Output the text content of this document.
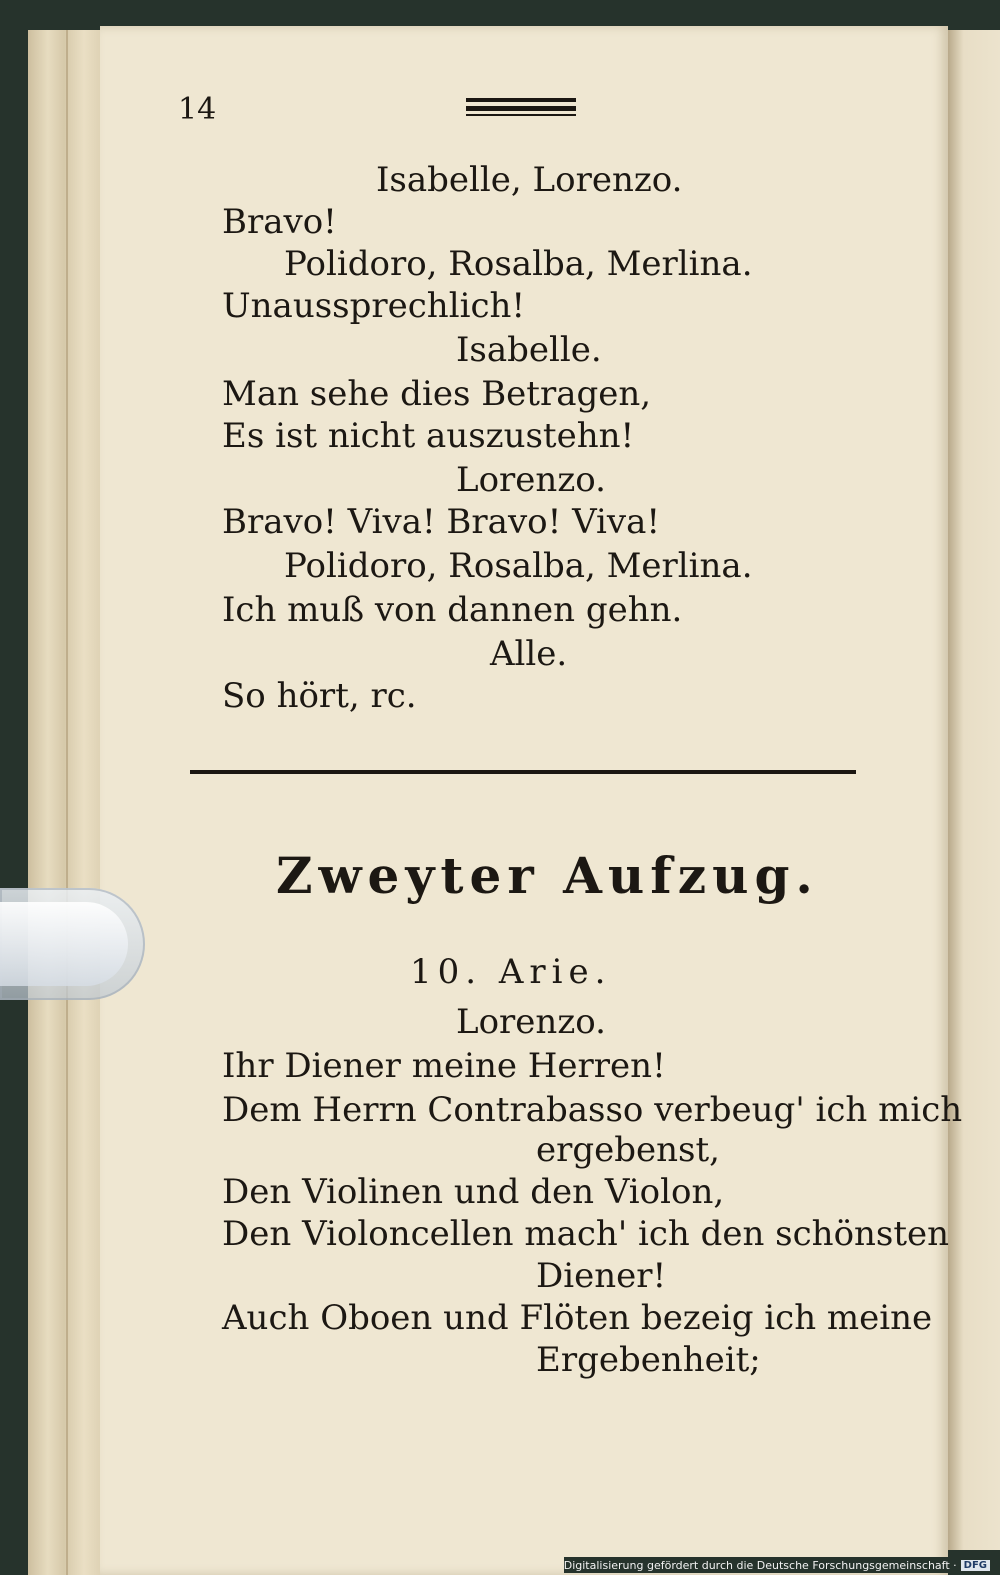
14
Isabelle, Lorenzo.
Bravo!
Polidoro, Rosalba, Merlina.
Unaussprechlich!
Isabelle.
Man sehe dies Betragen,
Es ist nicht auszustehn!
Lorenzo.
Bravo! Viva! Bravo! Viva!
Polidoro, Rosalba, Merlina.
Ich muß von dannen gehn.
Alle.
So hört, rc.
Zweyter Aufzug.
10. Arie.
Lorenzo.
Ihr Diener meine Herren!
Dem Herrn Contrabasso verbeug' ich mich
ergebenst,
Den Violinen und den Violon,
Den Violoncellen mach' ich den schönsten
Diener!
Auch Oboen und Flöten bezeig ich meine
Ergebenheit;
Digitalisierung gefördert durch die Deutsche Forschungsgemeinschaft · DFG
